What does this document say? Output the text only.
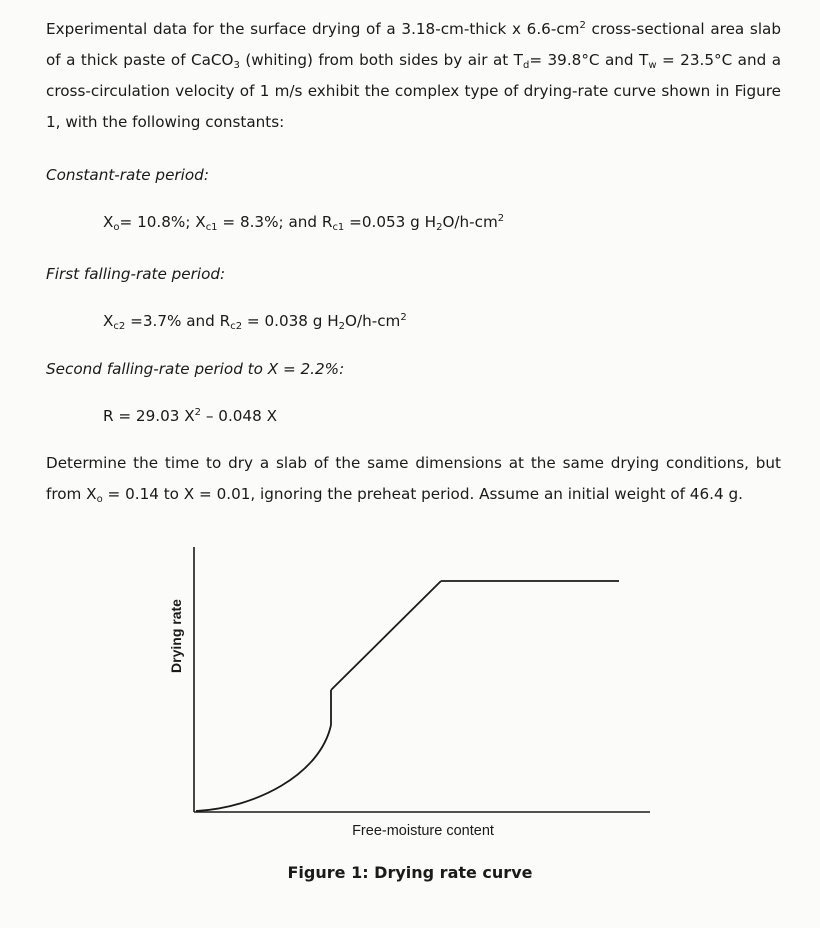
Experimental data for the surface drying of a 3.18-cm-thick x $6.6-cm^2$ cross-sectional area slab of a thick paste of CaCO$_3$ (whiting) from both sides by air at $T_d= 39.8^\circ C$ and $T_w = 23.5^\circ C$ and a cross-circulation velocity of 1 m/s exhibit the complex type of drying-rate curve shown in Figure 1, with the following constants:
Constant-rate period:
$X_o= 10.8\%$; $X_{c1} = 8.3\%$; and $R_{c1} =0.053$ g $H_2O/h-cm^2$
First falling-rate period:
$X_{c2} =3.7\%$ and $R_{c2} = 0.038$ g $H_2O/h-cm^2$
Second falling-rate period to X = 2.2%:
R = 29.03 $X^2 - 0.048$ X
Determine the time to dry a slab of the same dimensions at the same drying conditions, but from $X_o = 0.14$ to X = 0.01, ignoring the preheat period. Assume an initial weight of 46.4 g.
Drying rate
Free-moisture content
Figure 1: Drying rate curve
